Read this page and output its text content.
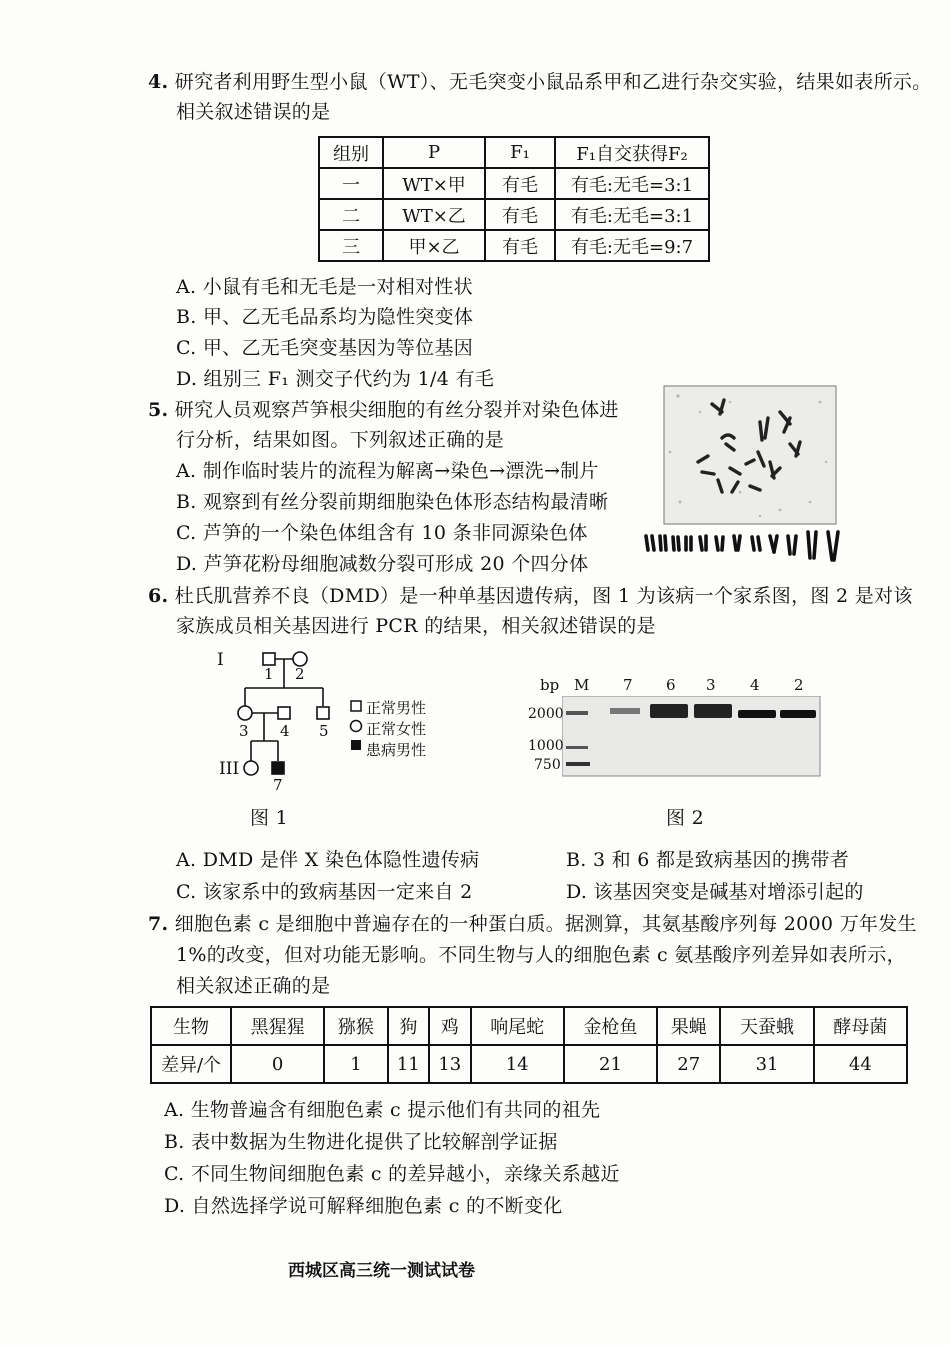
4. 研究者利用野生型小鼠（WT）、无毛突变小鼠品系甲和乙进行杂交实验，结果如表所示。
相关叙述错误的是
组别	P	F₁	F₁自交获得F₂
一	WT×甲	有毛	有毛:无毛=3:1
二	WT×乙	有毛	有毛:无毛=3:1
三	甲×乙	有毛	有毛:无毛=9:7
A. 小鼠有毛和无毛是一对相对性状
B. 甲、乙无毛品系均为隐性突变体
C. 甲、乙无毛突变基因为等位基因
D. 组别三 F₁ 测交子代约为 1/4 有毛
5. 研究人员观察芦笋根尖细胞的有丝分裂并对染色体进
行分析，结果如图。下列叙述正确的是
A. 制作临时装片的流程为解离→染色→漂洗→制片
B. 观察到有丝分裂前期细胞染色体形态结构最清晰
C. 芦笋的一个染色体组含有 10 条非同源染色体
D. 芦笋花粉母细胞减数分裂可形成 20 个四分体
6. 杜氏肌营养不良（DMD）是一种单基因遗传病，图 1 为该病一个家系图，图 2 是对该
家族成员相关基因进行 PCR 的结果，相关叙述错误的是
I
1 2
3 4 5
III
7
正常男性
正常女性
患病男性
图 1
bp M 7 6 3 4 2
2000
1000
750
图 2
A. DMD 是伴 X 染色体隐性遗传病	B. 3 和 6 都是致病基因的携带者
C. 该家系中的致病基因一定来自 2	D. 该基因突变是碱基对增添引起的
7. 细胞色素 c 是细胞中普遍存在的一种蛋白质。据测算，其氨基酸序列每 2000 万年发生
1%的改变，但对功能无影响。不同生物与人的细胞色素 c 氨基酸序列差异如表所示，
相关叙述正确的是
生物	黑猩猩	猕猴	狗	鸡	响尾蛇	金枪鱼	果蝇	天蚕蛾	酵母菌
差异/个	0	1	11	13	14	21	27	31	44
A. 生物普遍含有细胞色素 c 提示他们有共同的祖先
B. 表中数据为生物进化提供了比较解剖学证据
C. 不同生物间细胞色素 c 的差异越小，亲缘关系越近
D. 自然选择学说可解释细胞色素 c 的不断变化
西城区高三统一测试试卷
